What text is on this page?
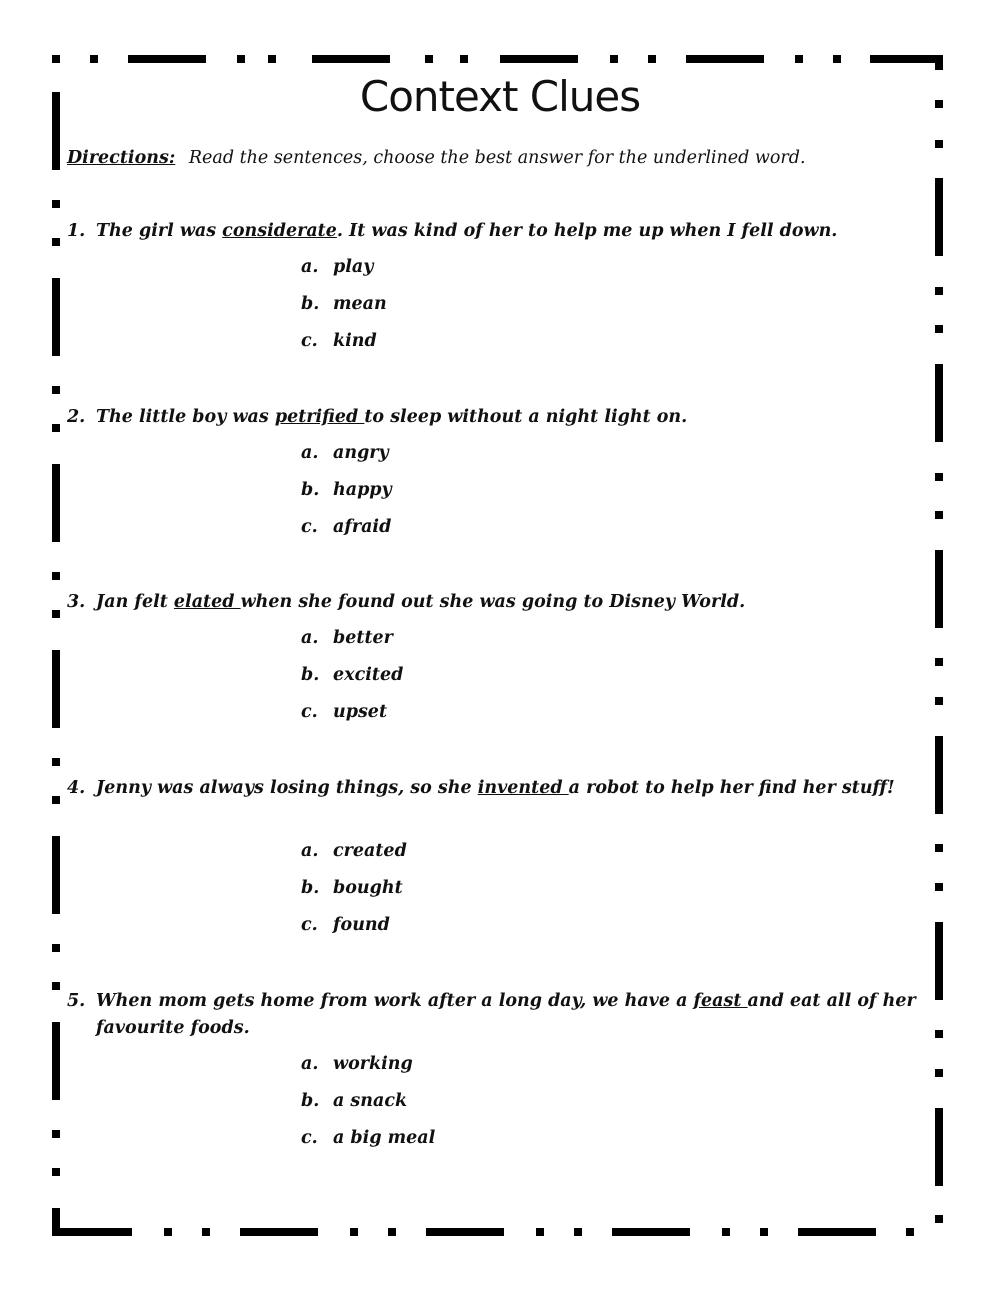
Context Clues
Directions: Read the sentences, choose the best answer for the underlined word.
1. The girl was considerate. It was kind of her to help me up when I fell down.
a. play
b. mean
c. kind
2. The little boy was petrified to sleep without a night light on.
a. angry
b. happy
c. afraid
3. Jan felt elated when she found out she was going to Disney World.
a. better
b. excited
c. upset
4. Jenny was always losing things, so she invented a robot to help her find her stuff!
a. created
b. bought
c. found
5. When mom gets home from work after a long day, we have a feast and eat all of her favourite foods.
a. working
b. a snack
c. a big meal
